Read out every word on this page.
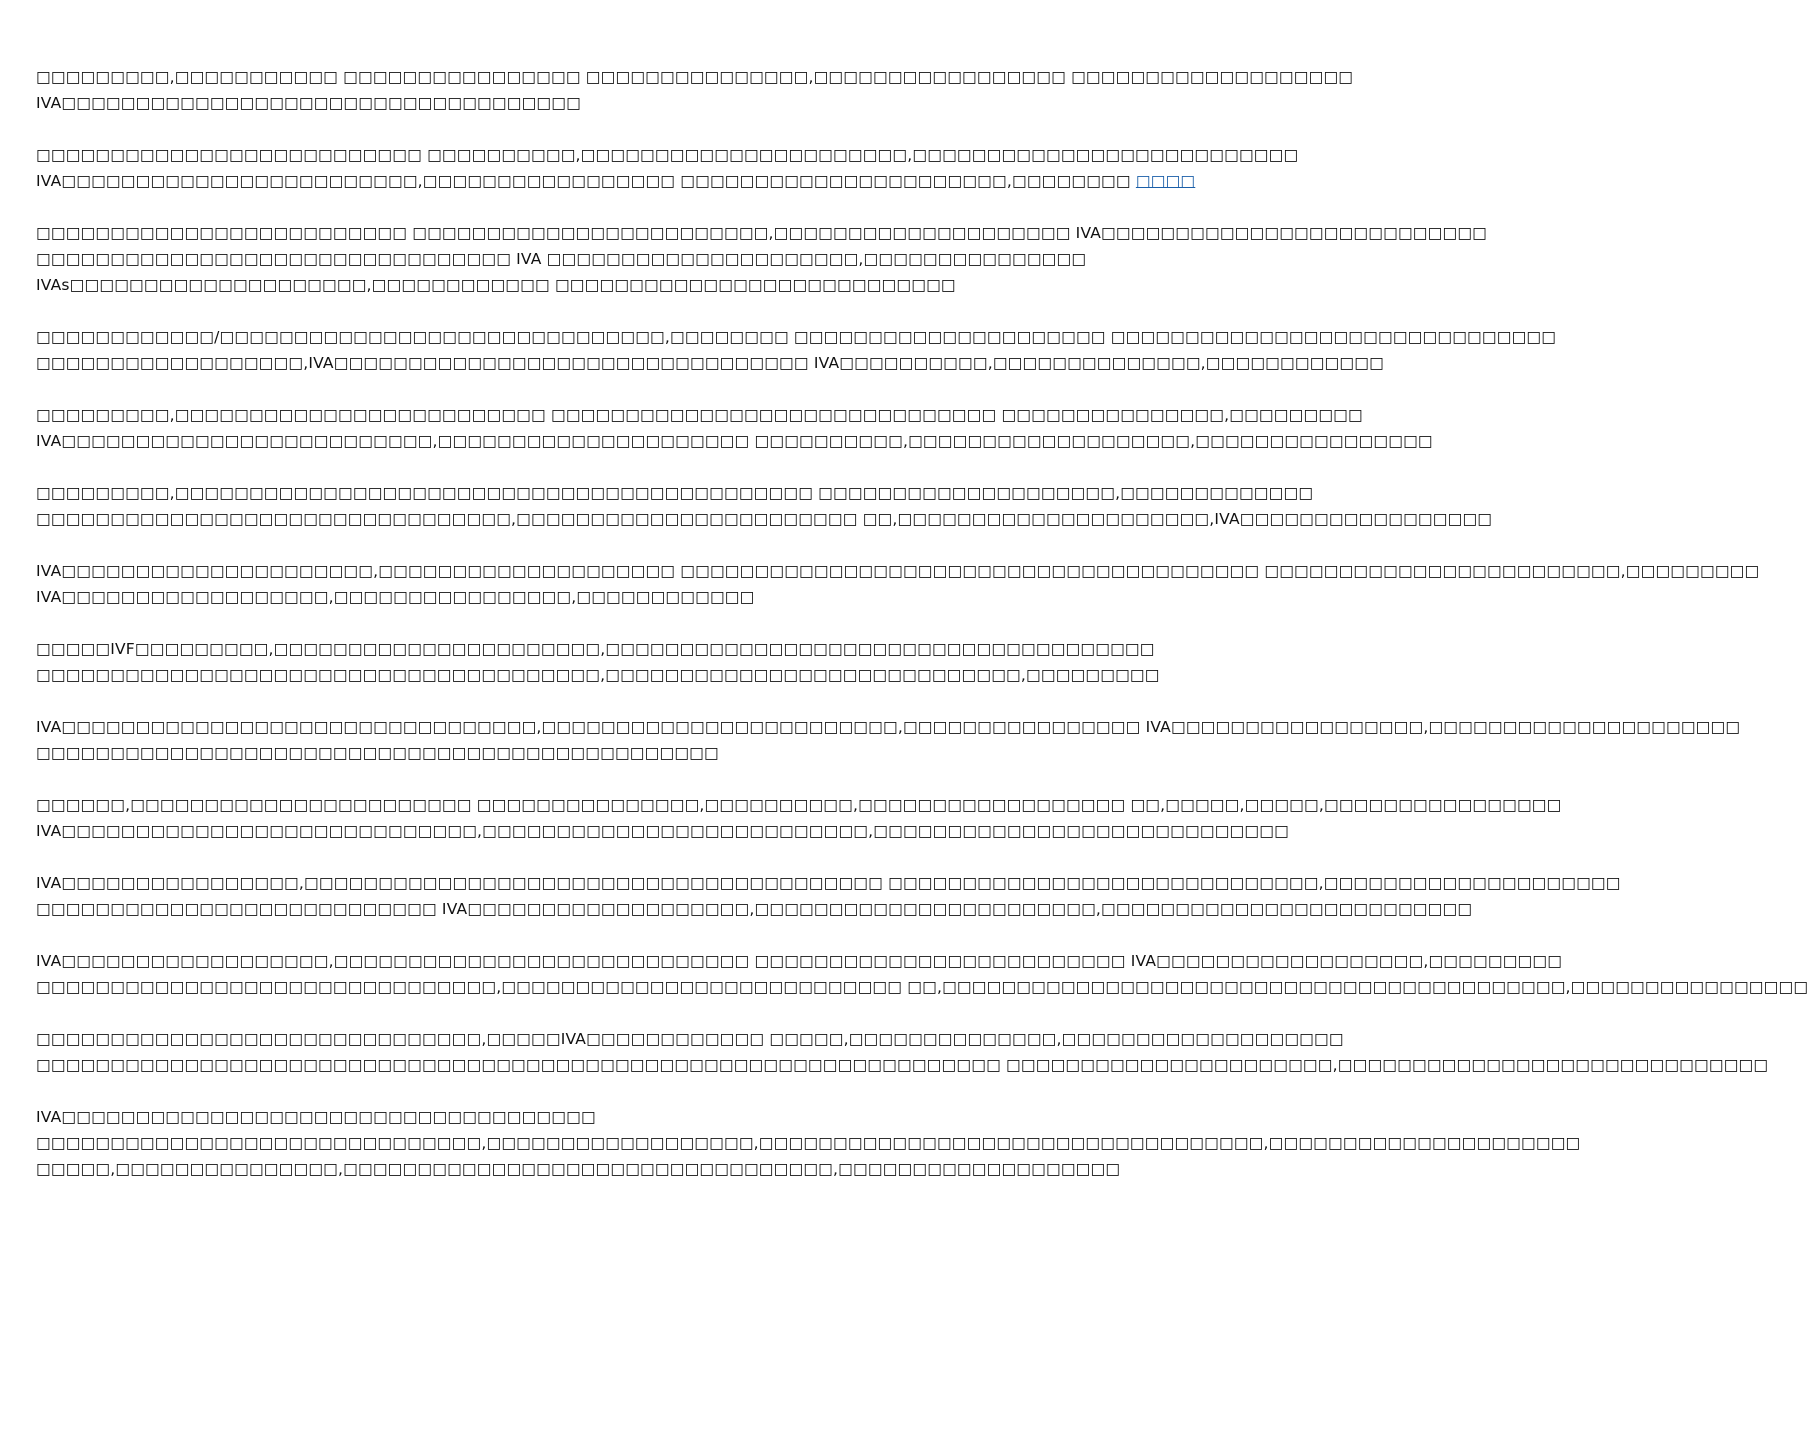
□□□□□□□□□,□□□□□□□□□□□ □□□□□□□□□□□□□□□□ □□□□□□□□□□□□□□□,□□□□□□□□□□□□□□□□□ □□□□□□□□□□□□□□□□□□□
IVA□□□□□□□□□□□□□□□□□□□□□□□□□□□□□□□□□□□

□□□□□□□□□□□□□□□□□□□□□□□□□□ □□□□□□□□□□,□□□□□□□□□□□□□□□□□□□□□□,□□□□□□□□□□□□□□□□□□□□□□□□□□
IVA□□□□□□□□□□□□□□□□□□□□□□□□,□□□□□□□□□□□□□□□□□ □□□□□□□□□□□□□□□□□□□□□□,□□□□□□□□ □□□□

□□□□□□□□□□□□□□□□□□□□□□□□□ □□□□□□□□□□□□□□□□□□□□□□□□,□□□□□□□□□□□□□□□□□□□□ IVA□□□□□□□□□□□□□□□□□□□□□□□□□□
□□□□□□□□□□□□□□□□□□□□□□□□□□□□□□□□ IVA □□□□□□□□□□□□□□□□□□□□□,□□□□□□□□□□□□□□□
IVAs□□□□□□□□□□□□□□□□□□□□,□□□□□□□□□□□□ □□□□□□□□□□□□□□□□□□□□□□□□□□□

□□□□□□□□□□□□/□□□□□□□□□□□□□□□□□□□□□□□□□□□□□□,□□□□□□□□ □□□□□□□□□□□□□□□□□□□□□ □□□□□□□□□□□□□□□□□□□□□□□□□□□□□□
□□□□□□□□□□□□□□□□□□,IVA□□□□□□□□□□□□□□□□□□□□□□□□□□□□□□□□ IVA□□□□□□□□□□,□□□□□□□□□□□□□□,□□□□□□□□□□□□

□□□□□□□□□,□□□□□□□□□□□□□□□□□□□□□□□□□ □□□□□□□□□□□□□□□□□□□□□□□□□□□□□□ □□□□□□□□□□□□□□□,□□□□□□□□□
IVA□□□□□□□□□□□□□□□□□□□□□□□□□,□□□□□□□□□□□□□□□□□□□□□ □□□□□□□□□□,□□□□□□□□□□□□□□□□□□□,□□□□□□□□□□□□□□□□

□□□□□□□□□,□□□□□□□□□□□□□□□□□□□□□□□□□□□□□□□□□□□□□□□□□□□ □□□□□□□□□□□□□□□□□□□□,□□□□□□□□□□□□□
□□□□□□□□□□□□□□□□□□□□□□□□□□□□□□□□,□□□□□□□□□□□□□□□□□□□□□□□ □□,□□□□□□□□□□□□□□□□□□□□□,IVA□□□□□□□□□□□□□□□□□

IVA□□□□□□□□□□□□□□□□□□□□□,□□□□□□□□□□□□□□□□□□□□ □□□□□□□□□□□□□□□□□□□□□□□□□□□□□□□□□□□□□□□ □□□□□□□□□□□□□□□□□□□□□□□□,□□□□□□□□□
IVA□□□□□□□□□□□□□□□□□□,□□□□□□□□□□□□□□□□,□□□□□□□□□□□□

□□□□□IVF□□□□□□□□□,□□□□□□□□□□□□□□□□□□□□□□,□□□□□□□□□□□□□□□□□□□□□□□□□□□□□□□□□□□□□
□□□□□□□□□□□□□□□□□□□□□□□□□□□□□□□□□□□□□□,□□□□□□□□□□□□□□□□□□□□□□□□□□□□,□□□□□□□□□

IVA□□□□□□□□□□□□□□□□□□□□□□□□□□□□□□□□,□□□□□□□□□□□□□□□□□□□□□□□□,□□□□□□□□□□□□□□□□ IVA□□□□□□□□□□□□□□□□□,□□□□□□□□□□□□□□□□□□□□□
□□□□□□□□□□□□□□□□□□□□□□□□□□□□□□□□□□□□□□□□□□□□□□

□□□□□□,□□□□□□□□□□□□□□□□□□□□□□□ □□□□□□□□□□□□□□□,□□□□□□□□□□,□□□□□□□□□□□□□□□□□□ □□,□□□□□,□□□□□,□□□□□□□□□□□□□□□□
IVA□□□□□□□□□□□□□□□□□□□□□□□□□□□□,□□□□□□□□□□□□□□□□□□□□□□□□□□,□□□□□□□□□□□□□□□□□□□□□□□□□□□□

IVA□□□□□□□□□□□□□□□□,□□□□□□□□□□□□□□□□□□□□□□□□□□□□□□□□□□□□□□□ □□□□□□□□□□□□□□□□□□□□□□□□□□□□□,□□□□□□□□□□□□□□□□□□□□
□□□□□□□□□□□□□□□□□□□□□□□□□□□ IVA□□□□□□□□□□□□□□□□□□□,□□□□□□□□□□□□□□□□□□□□□□□,□□□□□□□□□□□□□□□□□□□□□□□□□

IVA□□□□□□□□□□□□□□□□□□,□□□□□□□□□□□□□□□□□□□□□□□□□□□□ □□□□□□□□□□□□□□□□□□□□□□□□□ IVA□□□□□□□□□□□□□□□□□□,□□□□□□□□□
□□□□□□□□□□□□□□□□□□□□□□□□□□□□□□□,□□□□□□□□□□□□□□□□□□□□□□□□□□□ □□,□□□□□□□□□□□□□□□□□□□□□□□□□□□□□□□□□□□□□□□□□□,□□□□□□□□□□□□□□□□

□□□□□□□□□□□□□□□□□□□□□□□□□□□□□□,□□□□□IVA□□□□□□□□□□□□ □□□□□,□□□□□□□□□□□□□□,□□□□□□□□□□□□□□□□□□□
□□□□□□□□□□□□□□□□□□□□□□□□□□□□□□□□□□□□□□□□□□□□□□□□□□□□□□□□□□□□□□□□□ □□□□□□□□□□□□□□□□□□□□□□,□□□□□□□□□□□□□□□□□□□□□□□□□□□□□

IVA□□□□□□□□□□□□□□□□□□□□□□□□□□□□□□□□□□□□
□□□□□□□□□□□□□□□□□□□□□□□□□□□□□□,□□□□□□□□□□□□□□□□□□,□□□□□□□□□□□□□□□□□□□□□□□□□□□□□□□□□□,□□□□□□□□□□□□□□□□□□□□□
□□□□□,□□□□□□□□□□□□□□□,□□□□□□□□□□□□□□□□□□□□□□□□□□□□□□□□□,□□□□□□□□□□□□□□□□□□□
